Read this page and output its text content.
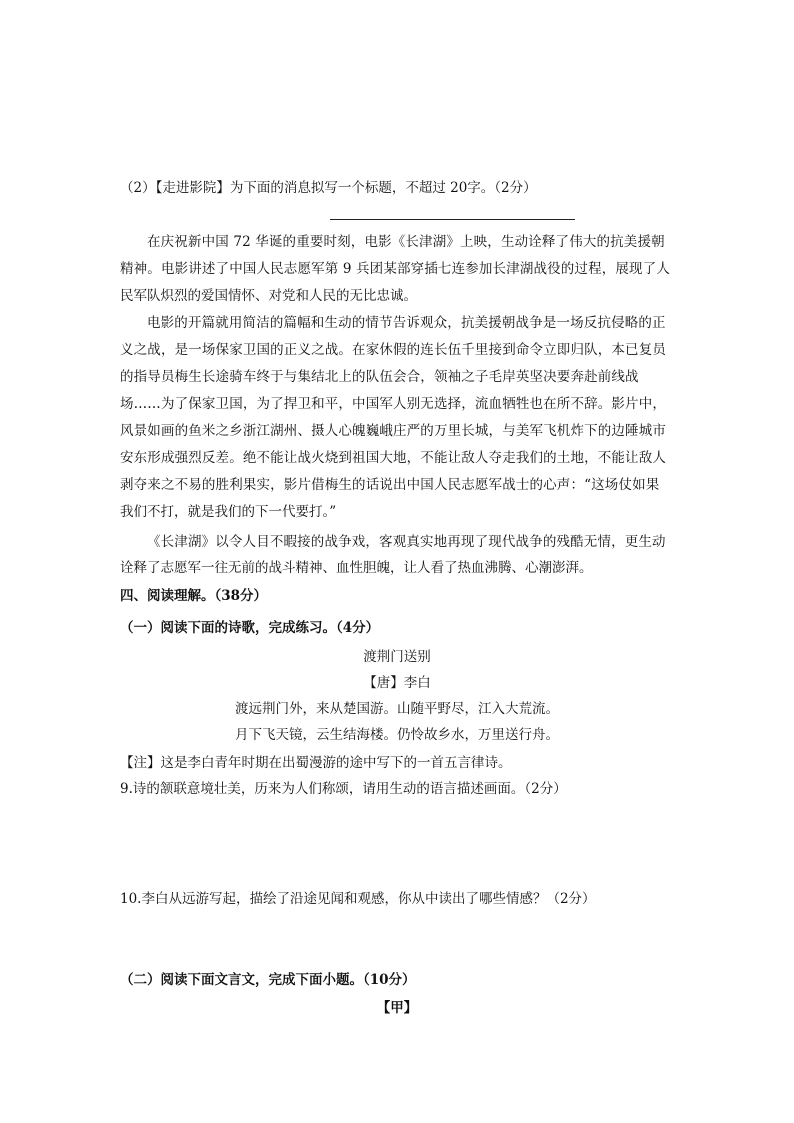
（2）【走进影院】为下面的消息拟写一个标题，不超过 20字。（2分）
在庆祝新中国 72 华诞的重要时刻，电影《长津湖》上映，生动诠释了伟大的抗美援朝
精神。电影讲述了中国人民志愿军第 9 兵团某部穿插七连参加长津湖战役的过程，展现了人
民军队炽烈的爱国情怀、对党和人民的无比忠诚。
电影的开篇就用简洁的篇幅和生动的情节告诉观众，抗美援朝战争是一场反抗侵略的正
义之战，是一场保家卫国的正义之战。在家休假的连长伍千里接到命令立即归队，本已复员
的指导员梅生长途骑车终于与集结北上的队伍会合，领袖之子毛岸英坚决要奔赴前线战
场……为了保家卫国，为了捍卫和平，中国军人别无选择，流血牺牲也在所不辞。影片中，
风景如画的鱼米之乡浙江湖州、摄人心魄巍峨庄严的万里长城，与美军飞机炸下的边陲城市
安东形成强烈反差。绝不能让战火烧到祖国大地，不能让敌人夺走我们的土地，不能让敌人
剥夺来之不易的胜利果实，影片借梅生的话说出中国人民志愿军战士的心声：“这场仗如果
我们不打，就是我们的下一代要打。”
《长津湖》以令人目不暇接的战争戏，客观真实地再现了现代战争的残酷无情，更生动
诠释了志愿军一往无前的战斗精神、血性胆魄，让人看了热血沸腾、心潮澎湃。
四、阅读理解。（38分）
（一）阅读下面的诗歌，完成练习。（4分）
渡荆门送别
【唐】李白
渡远荆门外，来从楚国游。山随平野尽，江入大荒流。
月下飞天镜，云生结海楼。仍怜故乡水，万里送行舟。
【注】这是李白青年时期在出蜀漫游的途中写下的一首五言律诗。
9.诗的颔联意境壮美，历来为人们称颂，请用生动的语言描述画面。（2分）
10.李白从远游写起，描绘了沿途见闻和观感，你从中读出了哪些情感？（2分）
（二）阅读下面文言文，完成下面小题。（10分）
【甲】
